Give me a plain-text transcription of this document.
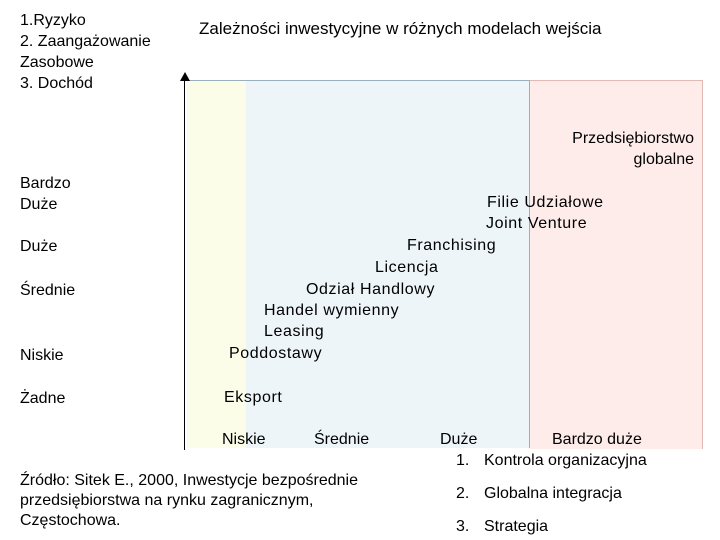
1.Ryzyko
2. Zaangażowanie Zasobowe
3. Dochód
Zależności inwestycyjne w różnych modelach wejścia
Przedsiębiorstwo globalne
Bardzo Duże
Duże
Średnie
Niskie
Żadne
Filie Udziałowe
Joint Venture
Franchising
Licencja
Odział Handlowy
Handel wymienny
Leasing
Poddostawy
Eksport
Niskie	Średnie	Duże	Bardzo duże
1. Kontrola organizacyjna
2. Globalna integracja
3. Strategia
Źródło: Sitek E., 2000, Inwestycje bezpośrednie przedsiębiorstwa na rynku zagranicznym, Częstochowa.
